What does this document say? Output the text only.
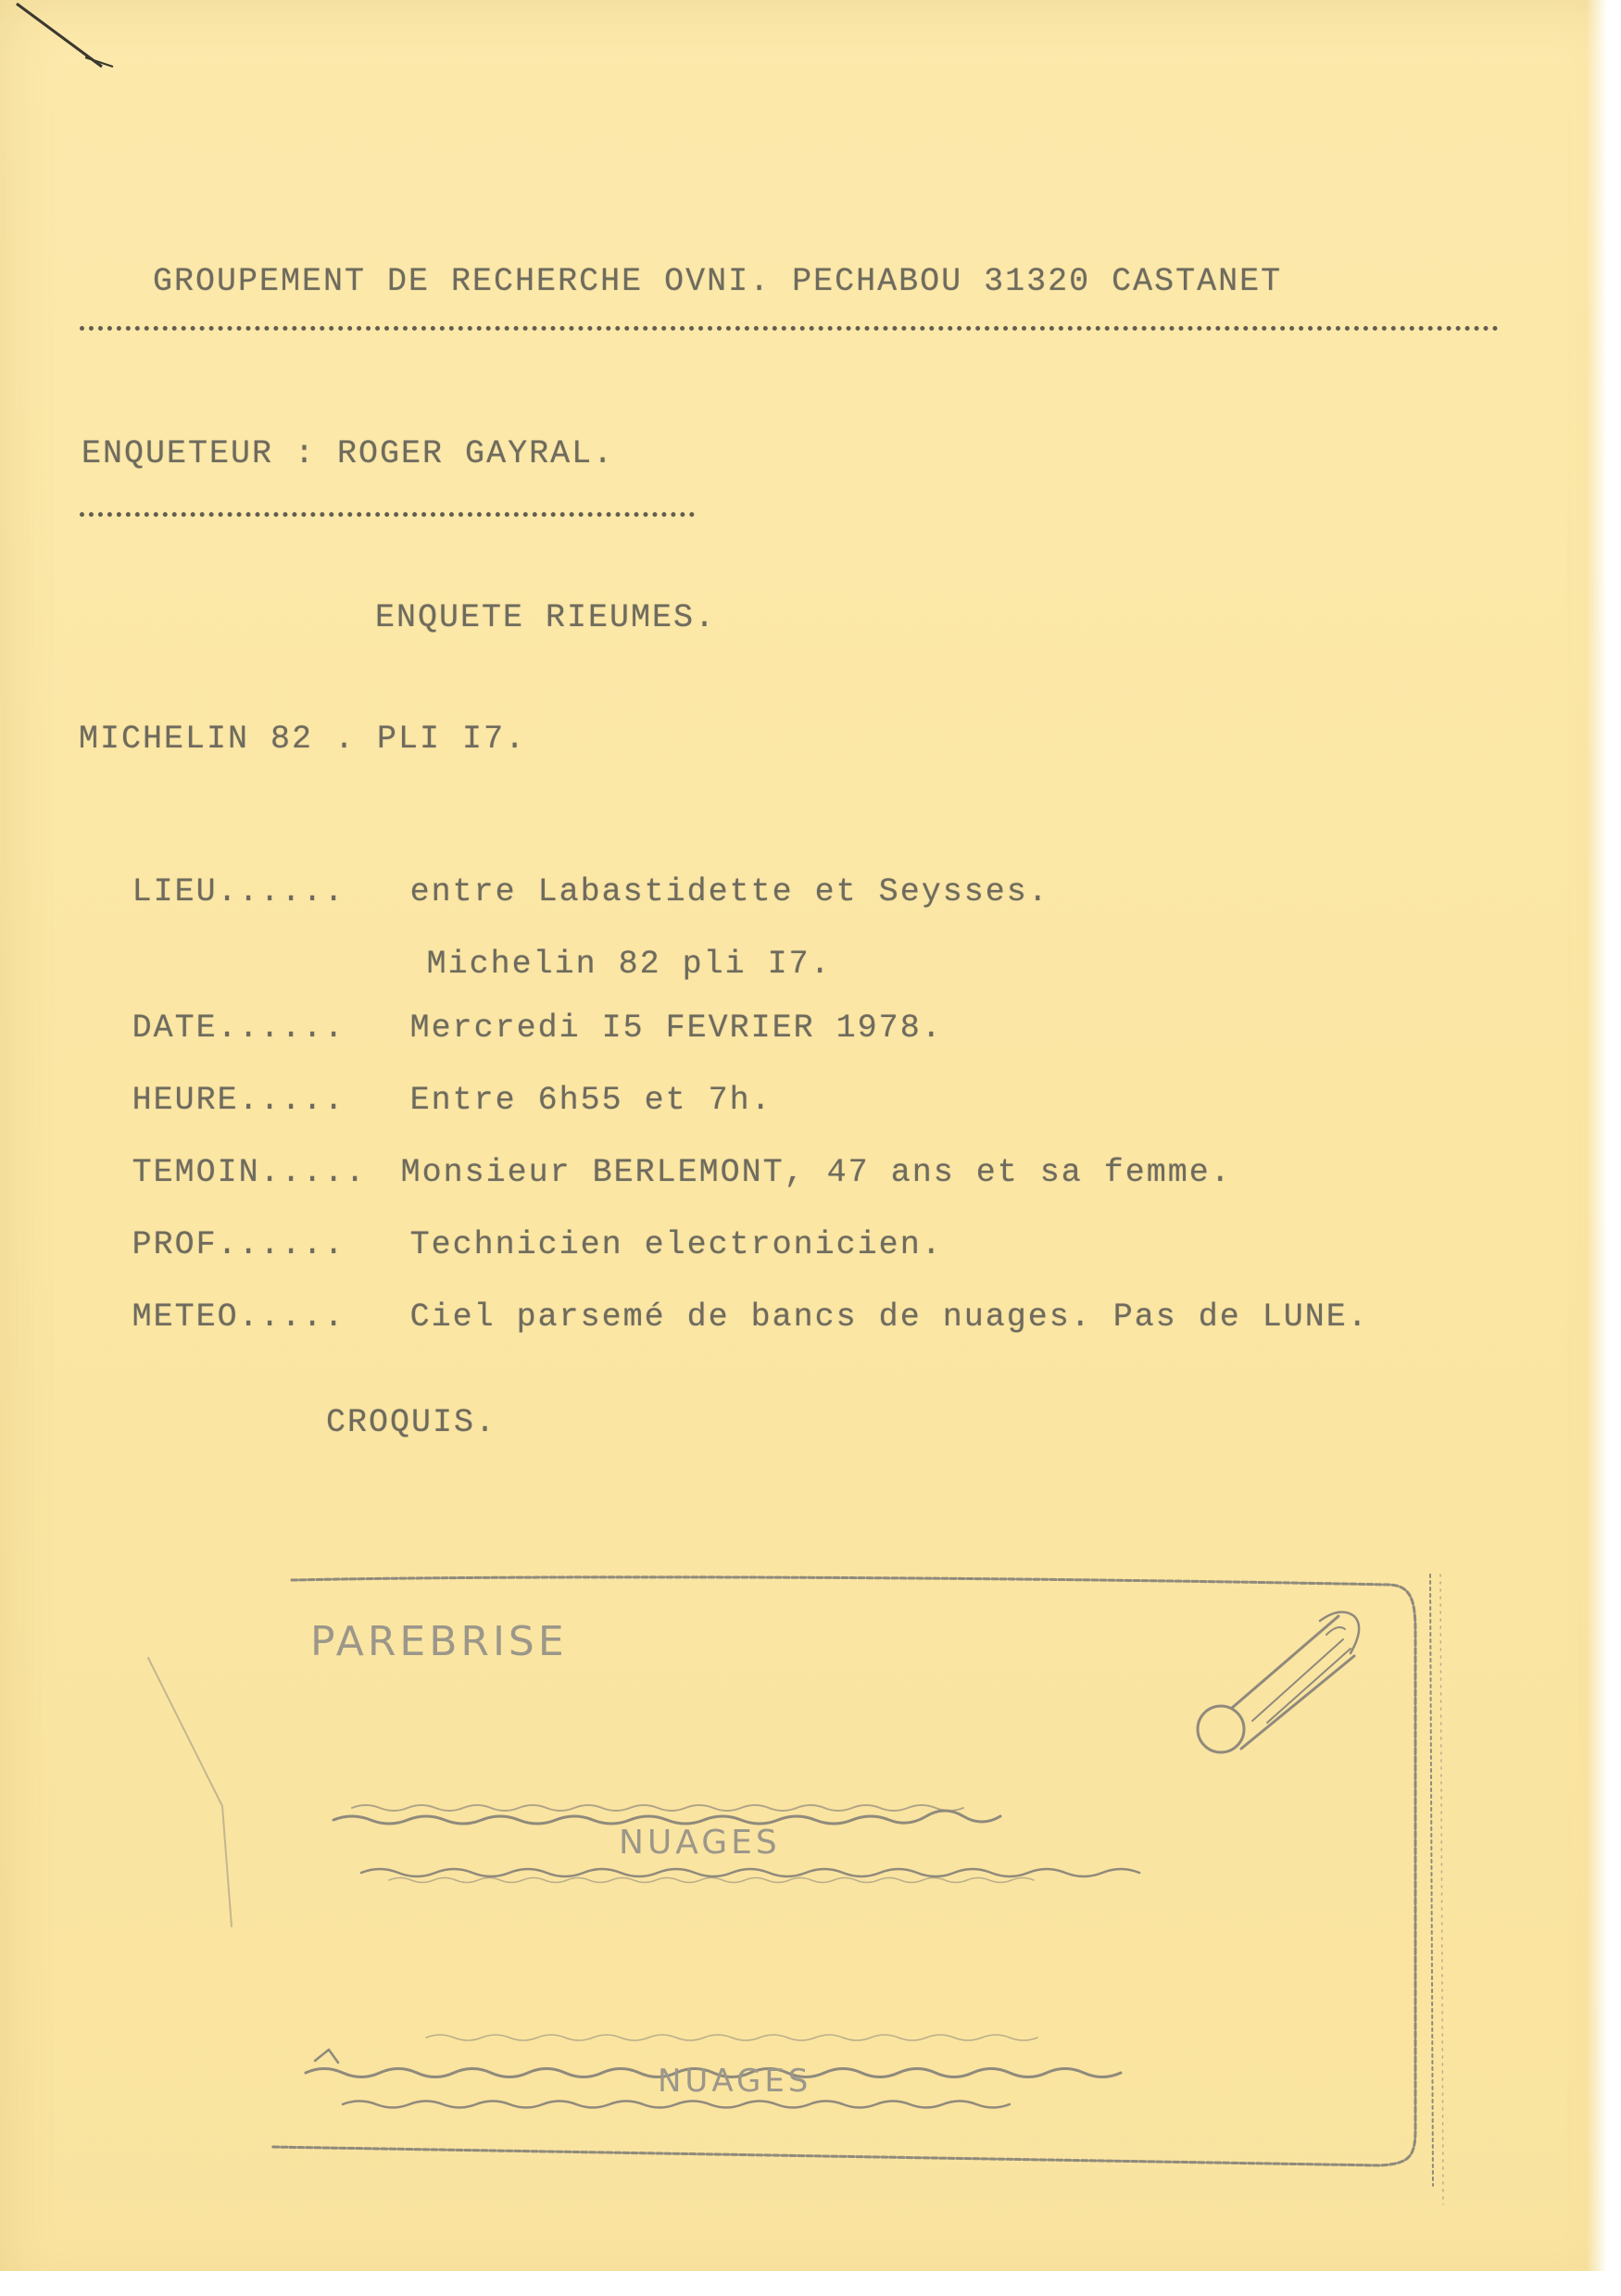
GROUPEMENT DE RECHERCHE OVNI. PECHABOU 31320 CASTANET
ENQUETEUR : ROGER GAYRAL.
ENQUETE RIEUMES.
MICHELIN 82 . PLI I7.

LIEU...... entre Labastidette et Seysses.

Michelin 82 pli I7.

DATE...... Mercredi I5 FEVRIER 1978.

HEURE..... Entre 6h55 et 7h.

TEMOIN..... Monsieur BERLEMONT, 47 ans et sa femme.

PROF...... Technicien electronicien.

METEO..... Ciel parsemé de bancs de nuages. Pas de LUNE.

CROQUIS.
PAREBRISE
NUAGES
NUAGES
